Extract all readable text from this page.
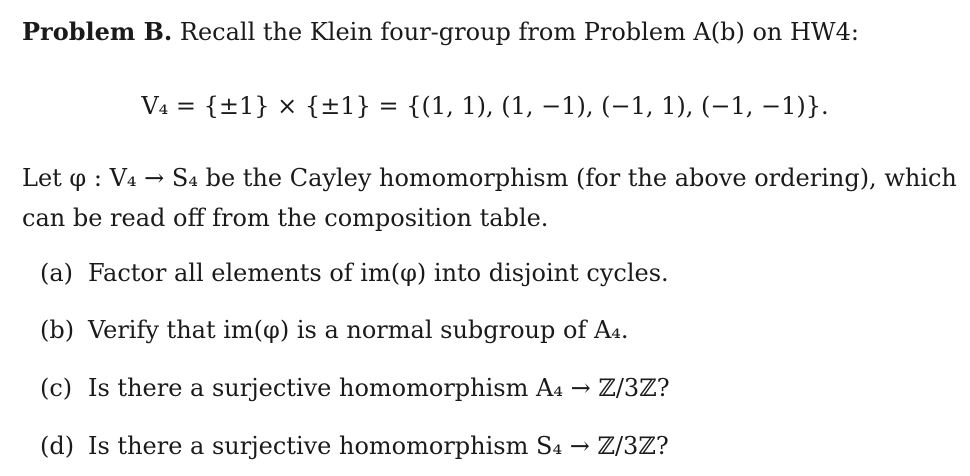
Problem B. Recall the Klein four-group from Problem A(b) on HW4:
V₄ = {±1} × {±1} = {(1, 1), (1, −1), (−1, 1), (−1, −1)}.
Let φ : V₄ → S₄ be the Cayley homomorphism (for the above ordering), which
can be read off from the composition table.
(a) Factor all elements of im(φ) into disjoint cycles.
(b) Verify that im(φ) is a normal subgroup of A₄.
(c) Is there a surjective homomorphism A₄ → ℤ/3ℤ?
(d) Is there a surjective homomorphism S₄ → ℤ/3ℤ?
